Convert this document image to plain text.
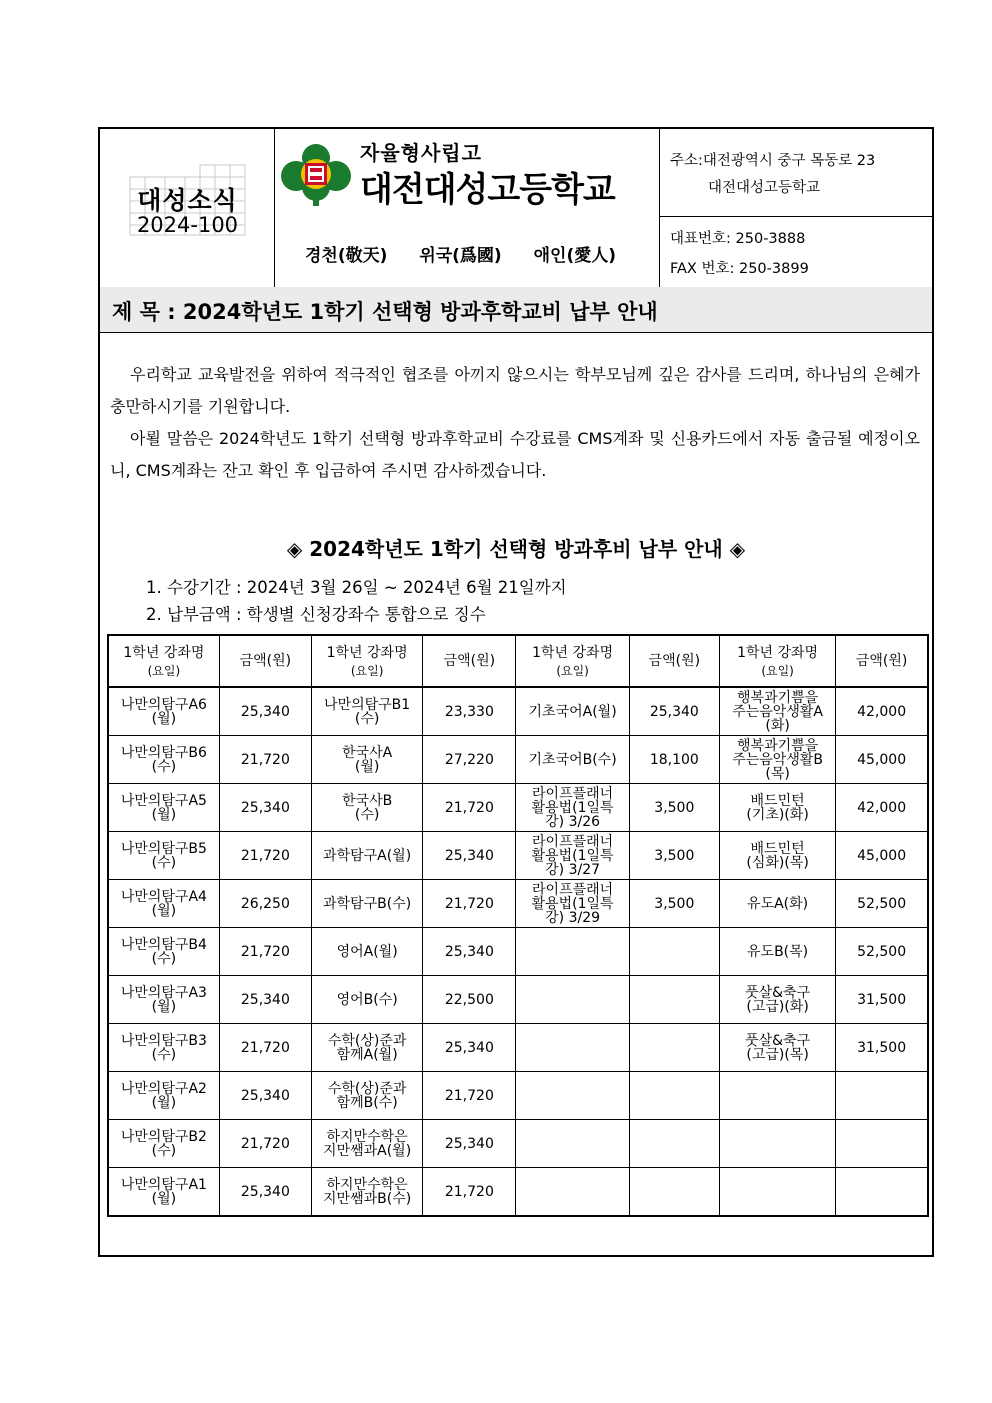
대성소식
2024-100
자율형사립고
대전대성고등학교
경천(敬天) 위국(爲國) 애인(愛人)
주소:대전광역시 중구 목동로 23
대전대성고등학교
대표번호: 250-3888
FAX 번호: 250-3899
제 목 : 2024학년도 1학기 선택형 방과후학교비 납부 안내
우리학교 교육발전을 위하여 적극적인 협조를 아끼지 않으시는 학부모님께 깊은 감사를 드리며, 하나님의 은혜가 충만하시기를 기원합니다.
아뢸 말씀은 2024학년도 1학기 선택형 방과후학교비 수강료를 CMS계좌 및 신용카드에서 자동 출금될 예정이오니, CMS계좌는 잔고 확인 후 입금하여 주시면 감사하겠습니다.
◈ 2024학년도 1학기 선택형 방과후비 납부 안내 ◈
1. 수강기간 : 2024년 3월 26일 ~ 2024년 6월 21일까지
2. 납부금액 : 학생별 신청강좌수 통합으로 징수
1학년 강좌명
(요일)	금액(원)	1학년 강좌명
(요일)	금액(원)	1학년 강좌명
(요일)	금액(원)	1학년 강좌명
(요일)	금액(원)

나만의탐구A6
(월)	25,340	나만의탐구B1
(수)	23,330	기초국어A(월)	25,340	행복과기쁨을
주는음악생활A
(화)	42,000

나만의탐구B6
(수)	21,720	한국사A
(월)	27,220	기초국어B(수)	18,100	행복과기쁨을
주는음악생활B
(목)	45,000

나만의탐구A5
(월)	25,340	한국사B
(수)	21,720	라이프플래너
활용법(1일특
강) 3/26	3,500	배드민턴
(기초)(화)	42,000

나만의탐구B5
(수)	21,720	과학탐구A(월)	25,340	라이프플래너
활용법(1일특
강) 3/27	3,500	배드민턴
(심화)(목)	45,000

나만의탐구A4
(월)	26,250	과학탐구B(수)	21,720	라이프플래너
활용법(1일특
강) 3/29	3,500	유도A(화)	52,500

나만의탐구B4
(수)	21,720	영어A(월)	25,340			유도B(목)	52,500

나만의탐구A3
(월)	25,340	영어B(수)	22,500			풋살&축구
(고급)(화)	31,500

나만의탐구B3
(수)	21,720	수학(상)준과
함께A(월)	25,340			풋살&축구
(고급)(목)	31,500

나만의탐구A2
(월)	25,340	수학(상)준과
함께B(수)	21,720				

나만의탐구B2
(수)	21,720	하지만수학은
지만쌤과A(월)	25,340				

나만의탐구A1
(월)	25,340	하지만수학은
지만쌤과B(수)	21,720				
